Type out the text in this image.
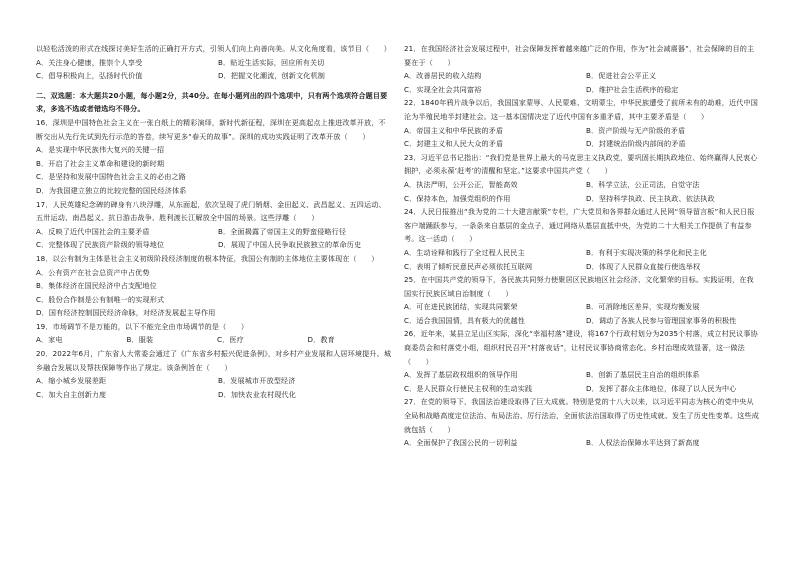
以轻松活泼的形式在线探讨美好生活的正确打开方式，引领人们向上向善向美。从文化角度看，该节目（　　）

A．关注身心健康，推崇个人享受	B．贴近生活实际，回应所有关切

C．倡导积极向上，弘扬时代价值	D．把握文化潮流，创新文化机制

二、双选题：本大题共20小题，每小题2分，共40分。在每小题列出的四个选项中，只有两个选项符合题目要求，多选不选或者错选均不得分。

16．深圳是中国特色社会主义在一张白纸上的精彩演绎，新时代新征程，深圳在更高起点上推进改革开放，不断交出从先行先试到先行示范的答卷，续写更多“春天的故事”。深圳的成功实践证明了改革开放（　　）

A．是实现中华民族伟大复兴的关键一招

B．开启了社会主义革命和建设的新时期

C．是坚持和发展中国特色社会主义的必由之路

D．为我国建立独立的比较完整的国民经济体系

17．人民英雄纪念碑的碑身有八块浮雕，从东面起，依次呈现了虎门销烟、金田起义、武昌起义、五四运动、五卅运动、南昌起义、抗日游击战争、胜利渡长江解放全中国的场景。这些浮雕（　　）

A．反映了近代中国社会的主要矛盾	B．全面揭露了帝国主义的野蛮侵略行径

C．完整体现了民族资产阶级的领导地位	D．展现了中国人民争取民族独立的革命历史

18．以公有制为主体是社会主义初级阶段经济制度的根本特征，我国公有制的主体地位主要体现在（　　）

A．公有资产在社会总资产中占优势

B．集体经济在国民经济中占支配地位

C．股份合作制是公有制唯一的实现形式

D．国有经济控制国民经济命脉，对经济发展起主导作用

19．市场调节不是万能的，以下不能完全由市场调节的是（　　）

A．家电	B．服装	C．医疗	D．教育

20．2022年6月，广东省人大常委会通过了《广东省乡村振兴促进条例》，对乡村产业发展和人居环境提升、城乡融合发展以及帮扶保障等作出了规定。该条例旨在（　　）

A．缩小城乡发展差距	B．发展城市开放型经济

C．加大自主创新力度	D．加快农业农村现代化

21．在我国经济社会发展过程中，社会保障发挥着越来越广泛的作用，作为“社会减震器”，社会保障的目的主要在于（　　）

A．改善居民的收入结构	B．促进社会公平正义

C．实现全社会共同富裕	D．维护社会生活秩序的稳定

22．1840年鸦片战争以后，我国国家蒙辱、人民蒙难、文明蒙尘，中华民族遭受了前所未有的劫难，近代中国沦为半殖民地半封建社会。这一基本国情决定了近代中国有多重矛盾，其中主要矛盾是（　　）

A．帝国主义和中华民族的矛盾	B．资产阶级与无产阶级的矛盾

C．封建主义和人民大众的矛盾	D．封建统治阶级内部间的矛盾

23．习近平总书记指出：“我们党是世界上最大的马克思主义执政党，要巩固长期执政地位、始终赢得人民衷心拥护，必须永葆‘赶考’的清醒和坚定。”这要求中国共产党（　　）

A．执法严明，公开公正，智能高效	B．科学立法，公正司法，自觉守法

C．保持本色，加强党组织的作用	D．坚持科学执政、民主执政、依法执政

24．人民日报推出“我为党的二十大建言献策”专栏，广大党员和各界群众通过人民网“领导留言板”和人民日报客户端踊跃参与，一条条来自基层的金点子，通过网络从基层直抵中央，为党的二十大相关工作提供了有益参考。这一活动（　　）

A．生动诠释和践行了全过程人民民主	B．有利于实现决策的科学化和民主化

C．表明了倾听民意民声必须依托互联网	D．体现了人民群众直接行使选举权

25．在中国共产党的领导下，各民族共同努力使聚居区民族地区社会经济、文化繁荣的目标。实践证明，在我国实行民族区域自治制度（　　）

A．可在进民族团结，实现共同繁荣	B．可消除地区差异，实现均衡发展

C．适合我国国情，具有极大的优越性	D．调动了各族人民参与管理国家事务的积极性

26．近年来，某县立足山区实际，深化“幸福村落”建设，将167个行政村划分为2035个村落，成立村民议事协商委员会和村落党小组，组织村民召开“村落夜话”，让村民议事协商常态化。乡村治理成效显著，这一做法（　　）

A．发挥了基层政权组织的领导作用	B．创新了基层民主自治的组织体系

C．是人民群众行使民主权利的生动实践	D．发挥了群众主体地位，体现了以人民为中心

27．在党的领导下，我国法治建设取得了巨大成就。特别是党的十八大以来，以习近平同志为核心的党中央从全局和战略高度定位法治、布局法治、厉行法治，全面依法治国取得了历史性成就、发生了历史性变革。这些成就包括（　　）

A．全面保护了我国公民的一切利益	B．人权法治保障水平达到了新高度
